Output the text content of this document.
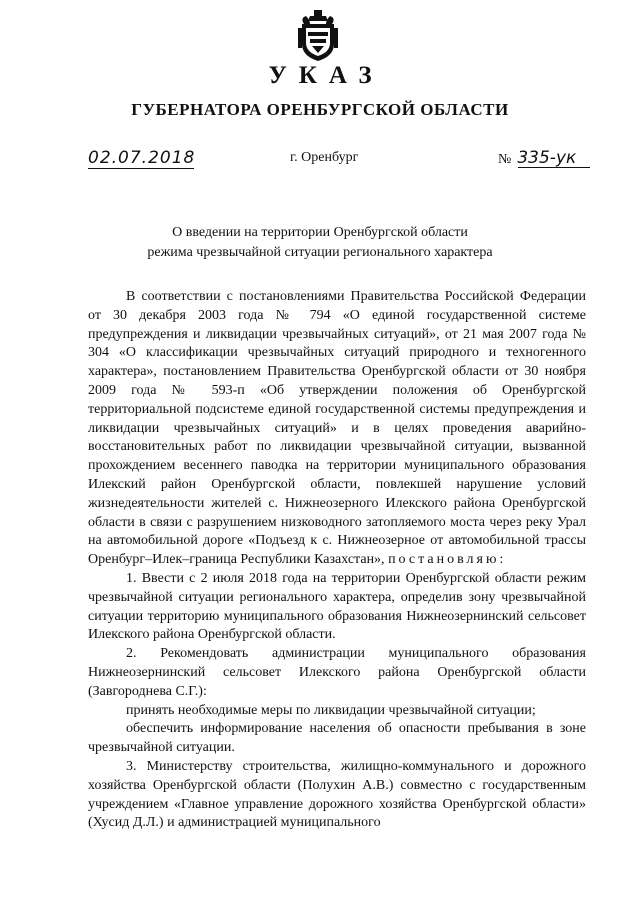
УКАЗ
ГУБЕРНАТОРА ОРЕНБУРГСКОЙ ОБЛАСТИ
02.07.2018	г. Оренбург	№ 335-ук
О введении на территории Оренбургской области
режима чрезвычайной ситуации регионального характера

В соответствии с постановлениями Правительства Российской Федерации от 30 декабря 2003 года № 794 «О единой государственной системе предупреждения и ликвидации чрезвычайных ситуаций», от 21 мая 2007 года № 304 «О классификации чрезвычайных ситуаций природного и техногенного характера», постановлением Правительства Оренбургской области от 30 ноября 2009 года № 593-п «Об утверждении положения об Оренбургской территориальной подсистеме единой государственной системы предупреждения и ликвидации чрезвычайных ситуаций» и в целях проведения аварийно-восстановительных работ по ликвидации чрезвычайной ситуации, вызванной прохождением весеннего паводка на территории муниципального образования Илекский район Оренбургской области, повлекшей нарушение условий жизнедеятельности жителей с. Нижнеозерного Илекского района Оренбургской области в связи с разрушением низководного затопляемого моста через реку Урал на автомобильной дороге «Подъезд к с. Нижнеозерное от автомобильной трассы Оренбург–Илек–граница Республики Казахстан», постановляю:

1. Ввести с 2 июля 2018 года на территории Оренбургской области режим чрезвычайной ситуации регионального характера, определив зону чрезвычайной ситуации территорию муниципального образования Нижнеозернинский сельсовет Илекского района Оренбургской области.

2. Рекомендовать администрации муниципального образования Нижнеозернинский сельсовет Илекского района Оренбургской области (Завгороднева С.Г.):

принять необходимые меры по ликвидации чрезвычайной ситуации;

обеспечить информирование населения об опасности пребывания в зоне чрезвычайной ситуации.

3. Министерству строительства, жилищно-коммунального и дорожного хозяйства Оренбургской области (Полухин А.В.) совместно с государственным учреждением «Главное управление дорожного хозяйства Оренбургской области» (Хусид Д.Л.) и администрацией муниципального
